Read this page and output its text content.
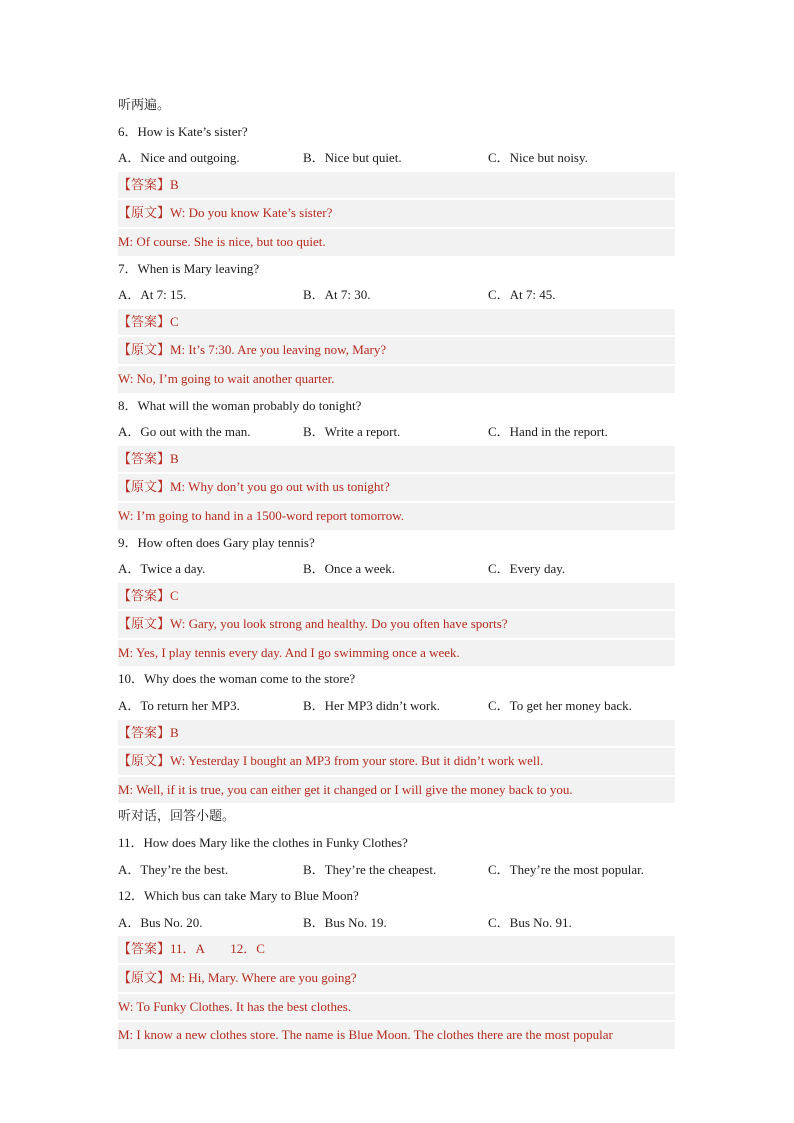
听两遍。
6．How is Kate’s sister?
A．Nice and outgoing.	B．Nice but quiet.	C．Nice but noisy.
【答案】B
【原文】W: Do you know Kate’s sister?
M: Of course. She is nice, but too quiet.
7．When is Mary leaving?
A．At 7: 15.	B．At 7: 30.	C．At 7: 45.
【答案】C
【原文】M: It’s 7:30. Are you leaving now, Mary?
W: No, I’m going to wait another quarter.
8．What will the woman probably do tonight?
A．Go out with the man.	B．Write a report.	C．Hand in the report.
【答案】B
【原文】M: Why don’t you go out with us tonight?
W: I’m going to hand in a 1500-word report tomorrow.
9．How often does Gary play tennis?
A．Twice a day.	B．Once a week.	C．Every day.
【答案】C
【原文】W: Gary, you look strong and healthy. Do you often have sports?
M: Yes, I play tennis every day. And I go swimming once a week.
10．Why does the woman come to the store?
A．To return her MP3.	B．Her MP3 didn’t work.	C．To get her money back.
【答案】B
【原文】W: Yesterday I bought an MP3 from your store. But it didn’t work well.
M: Well, if it is true, you can either get it changed or I will give the money back to you.
听对话，回答小题。
11．How does Mary like the clothes in Funky Clothes?
A．They’re the best.	B．They’re the cheapest.	C．They’re the most popular.
12．Which bus can take Mary to Blue Moon?
A．Bus No. 20.	B．Bus No. 19.	C．Bus No. 91.
【答案】11．A　　12．C
【原文】M: Hi, Mary. Where are you going?
W: To Funky Clothes. It has the best clothes.
M: I know a new clothes store. The name is Blue Moon. The clothes there are the most popular
